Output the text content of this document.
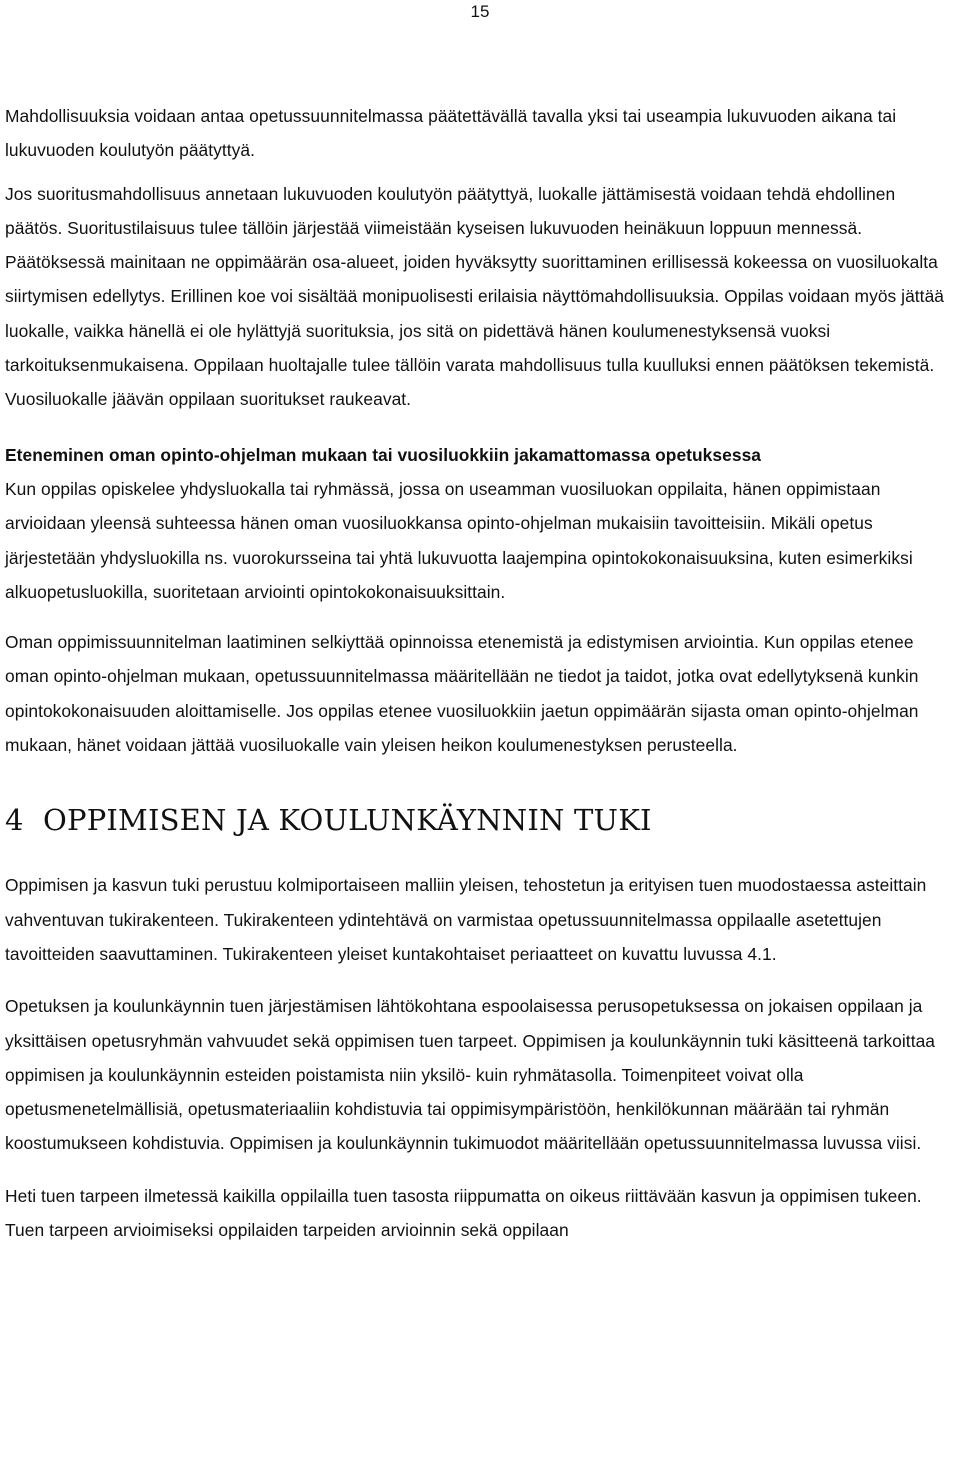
15

Mahdollisuuksia voidaan antaa opetussuunnitelmassa päätettävällä tavalla yksi tai useampia lukuvuoden aikana tai lukuvuoden koulutyön päätyttyä.

Jos suoritusmahdollisuus annetaan lukuvuoden koulutyön päätyttyä, luokalle jättämisestä voidaan tehdä ehdollinen päätös. Suoritustilaisuus tulee tällöin järjestää viimeistään kyseisen lukuvuoden heinäkuun loppuun mennessä. Päätöksessä mainitaan ne oppimäärän osa-alueet, joiden hyväksytty suorittaminen erillisessä kokeessa on vuosiluokalta siirtymisen edellytys. Erillinen koe voi sisältää monipuolisesti erilaisia näyttömahdollisuuksia. Oppilas voidaan myös jättää luokalle, vaikka hänellä ei ole hylättyjä suorituksia, jos sitä on pidettävä hänen koulumenestyksensä vuoksi tarkoituksenmukaisena. Oppilaan huoltajalle tulee tällöin varata mahdollisuus tulla kuulluksi ennen päätöksen tekemistä. Vuosiluokalle jäävän oppilaan suoritukset raukeavat.

Eteneminen oman opinto-ohjelman mukaan tai vuosiluokkiin jakamattomassa opetuksessa
Kun oppilas opiskelee yhdysluokalla tai ryhmässä, jossa on useamman vuosiluokan oppilaita, hänen oppimistaan arvioidaan yleensä suhteessa hänen oman vuosiluokkansa opinto-ohjelman mukaisiin tavoitteisiin. Mikäli opetus järjestetään yhdysluokilla ns. vuorokursseina tai yhtä lukuvuotta laajempina opintokokonaisuuksina, kuten esimerkiksi alkuopetusluokilla, suoritetaan arviointi opintokokonaisuuksittain.

Oman oppimissuunnitelman laatiminen selkiyttää opinnoissa etenemistä ja edistymisen arviointia. Kun oppilas etenee oman opinto-ohjelman mukaan, opetussuunnitelmassa määritellään ne tiedot ja taidot, jotka ovat edellytyksenä kunkin opintokokonaisuuden aloittamiselle. Jos oppilas etenee vuosiluokkiin jaetun oppimäärän sijasta oman opinto-ohjelman mukaan, hänet voidaan jättää vuosiluokalle vain yleisen heikon koulumenestyksen perusteella.

4 OPPIMISEN JA KOULUNKÄYNNIN TUKI

Oppimisen ja kasvun tuki perustuu kolmiportaiseen malliin yleisen, tehostetun ja erityisen tuen muodostaessa asteittain vahventuvan tukirakenteen. Tukirakenteen ydintehtävä on varmistaa opetussuunnitelmassa oppilaalle asetettujen tavoitteiden saavuttaminen. Tukirakenteen yleiset kuntakohtaiset periaatteet on kuvattu luvussa 4.1.

Opetuksen ja koulunkäynnin tuen järjestämisen lähtökohtana espoolaisessa perusopetuksessa on jokaisen oppilaan ja yksittäisen opetusryhmän vahvuudet sekä oppimisen tuen tarpeet. Oppimisen ja koulunkäynnin tuki käsitteenä tarkoittaa oppimisen ja koulunkäynnin esteiden poistamista niin yksilö- kuin ryhmätasolla. Toimenpiteet voivat olla opetusmenetelmällisiä, opetusmateriaaliin kohdistuvia tai oppimisympäristöön, henkilökunnan määrään tai ryhmän koostumukseen kohdistuvia. Oppimisen ja koulunkäynnin tukimuodot määritellään opetussuunnitelmassa luvussa viisi.

Heti tuen tarpeen ilmetessä kaikilla oppilailla tuen tasosta riippumatta on oikeus riittävään kasvun ja oppimisen tukeen. Tuen tarpeen arvioimiseksi oppilaiden tarpeiden arvioinnin sekä oppilaan
